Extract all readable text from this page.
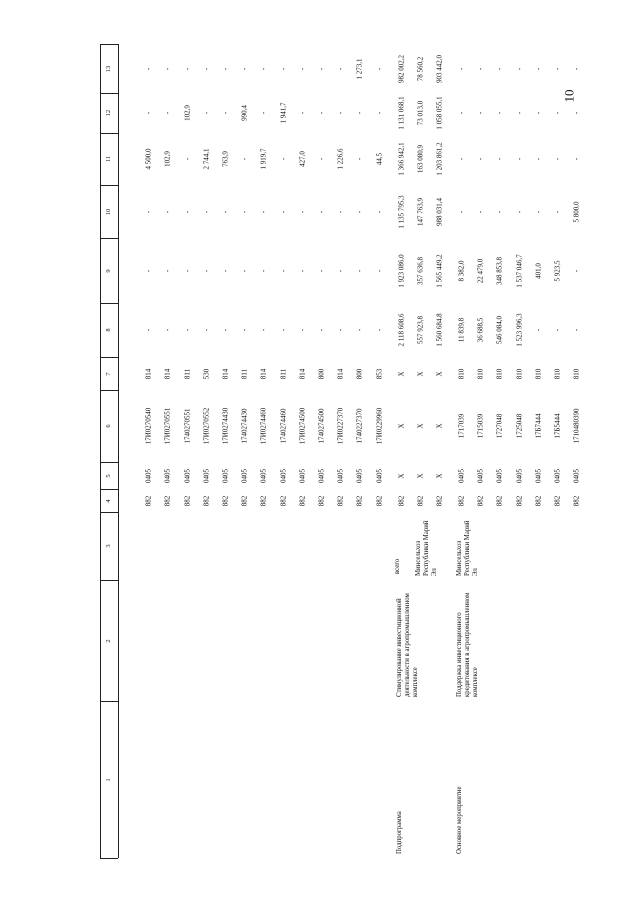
10
1
2
3
4
5
6
7
8
9
10
11
12
13
882
0405
17И0270540
814
-
-
-
4 500,0
-
-
882
0405
17И0270551
814
-
-
-
102,9
-
-
882
0405
1740270551
811
-
-
-
-
102,9
-
882
0405
17И0270552
530
-
-
-
2 744,1
-
-
882
0405
17И0274430
814
-
-
-
763,9
-
-
882
0405
1740274430
811
-
-
-
-
990,4
-
882
0405
17И0274460
814
-
-
-
1 919,7
-
-
882
0405
1740274460
811
-
-
-
-
1 941,7
-
882
0405
17И0274500
814
-
-
-
427,0
-
-
882
0405
1740274500
800
-
-
-
-
-
-
882
0405
17И0227370
814
-
-
-
1 226,6
-
-
882
0405
1740227370
800
-
-
-
-
-
1 273,1
882
0405
17И0229960
853
-
-
-
44,5
-
-
882
X
X
X
2 118 608,6
1 923 086,0
1 135 795,3
1 366 942,1
1 131 068,1
982 002,2
882
X
X
X
557 923,8
357 636,8
147 763,9
163 080,9
73 013,0
78 560,2
882
X
X
X
1 560 684,8
1 565 449,2
988 031,4
1 203 861,2
1 058 055,1
903 442,0
882
0405
1717039
810
11 839,8
8 382,0
-
-
-
-
882
0405
1715039
810
36 688,5
22 479,0
-
-
-
-
882
0405
1727048
810
546 084,0
348 853,8
-
-
-
-
882
0405
1725048
810
1 523 996,3
1 537 046,7
-
-
-
-
882
0405
17Б7444
810
-
401,0
-
-
-
-
882
0405
17Б5444
810
-
5 923,5
-
-
-
-
882
0405
1710480390
810
-
-
5 800,0
-
-
-
Подпрограмма
Стимулирование инвестиционной деятельности в агропромышленном комплексе
всего Минсельхоз Республики Марий Эл
Основное мероприятие
Поддержка инвестиционного кредитования в агропромышленном комплексе
Минсельхоз Республики Марий Эл
